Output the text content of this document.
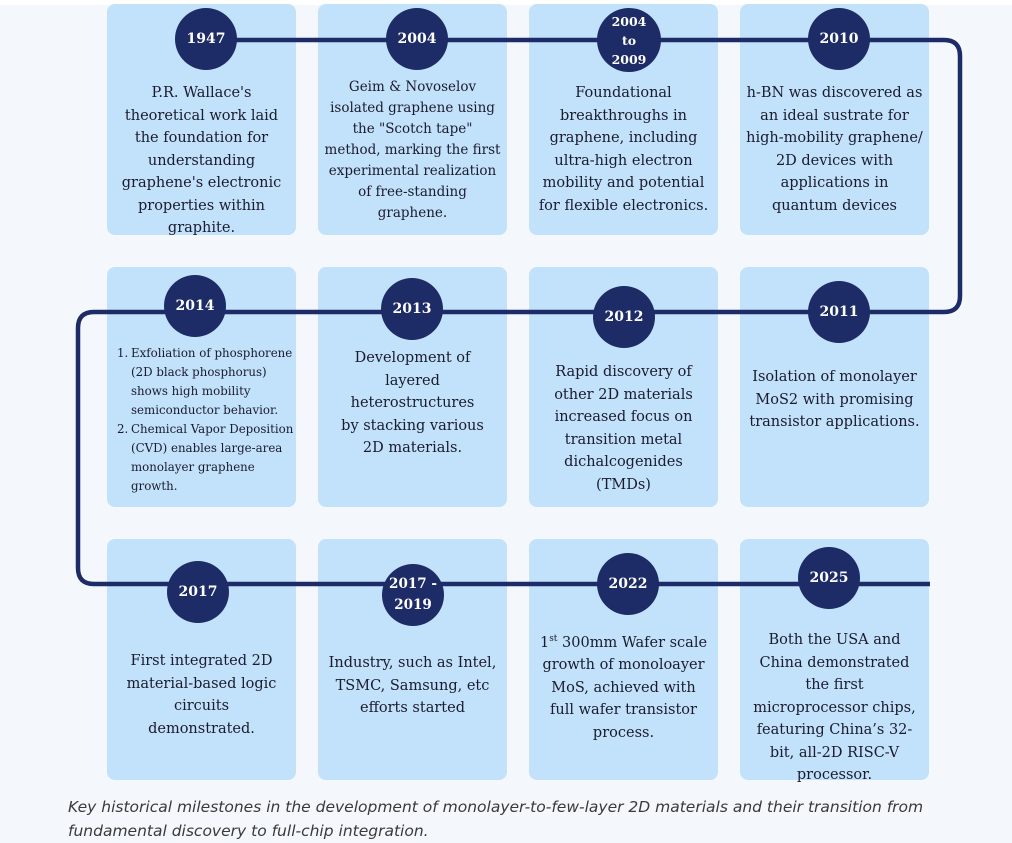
P.R. Wallace's theoretical work laid the foundation for understanding graphene's electronic properties within graphite.
Geim & Novoselov isolated graphene using the "Scotch tape" method, marking the first experimental realization of free-standing graphene.
Foundational breakthroughs in graphene, including ultra-high electron mobility and potential for flexible electronics.
h-BN was discovered as an ideal sustrate for high-mobility graphene/ 2D devices with applications in quantum devices
1. Exfoliation of phosphorene (2D black phosphorus) shows high mobility semiconductor behavior.
2. Chemical Vapor Deposition (CVD) enables large-area monolayer graphene growth.
Development of layered heterostructures by stacking various 2D materials.
Rapid discovery of other 2D materials increased focus on transition metal dichalcogenides (TMDs)
Isolation of monolayer MoS2 with promising transistor applications.
First integrated 2D material-based logic circuits demonstrated.
Industry, such as Intel, TSMC, Samsung, etc efforts started
1st 300mm Wafer scale
growth of monoloayer MoS, achieved with full wafer transistor process.
Both the USA and China demonstrated the first microprocessor chips, featuring China’s 32-bit, all-2D RISC-V processor.
1947	2004
2004
to
2009
2010
2014	2013	2012	2011
2017	2017 -
2019
2022	2025
Key historical milestones in the development of monolayer-to-few-layer 2D materials and their transition from fundamental discovery to full-chip integration.
